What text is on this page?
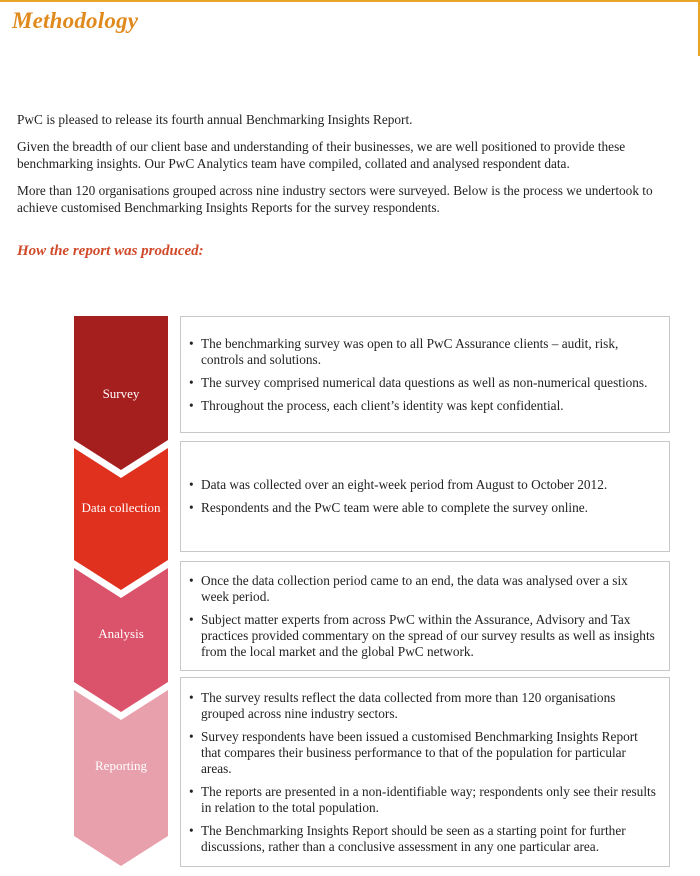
Methodology

PwC is pleased to release its fourth annual Benchmarking Insights Report.

Given the breadth of our client base and understanding of their businesses, we are well positioned to provide these benchmarking insights. Our PwC Analytics team have compiled, collated and analysed respondent data.

More than 120 organisations grouped across nine industry sectors were surveyed. Below is the process we undertook to achieve customised Benchmarking Insights Reports for the survey respondents.

How the report was produced:
Survey
Data collection
Analysis
Reporting
• The benchmarking survey was open to all PwC Assurance clients – audit, risk, controls and solutions.
• The survey comprised numerical data questions as well as non-numerical questions.
• Throughout the process, each client’s identity was kept confidential.
• Data was collected over an eight-week period from August to October 2012.
• Respondents and the PwC team were able to complete the survey online.
• Once the data collection period came to an end, the data was analysed over a six week period.
• Subject matter experts from across PwC within the Assurance, Advisory and Tax practices provided commentary on the spread of our survey results as well as insights from the local market and the global PwC network.
• The survey results reflect the data collected from more than 120 organisations grouped across nine industry sectors.
• Survey respondents have been issued a customised Benchmarking Insights Report that compares their business performance to that of the population for particular areas.
• The reports are presented in a non-identifiable way; respondents only see their results in relation to the total population.
• The Benchmarking Insights Report should be seen as a starting point for further discussions, rather than a conclusive assessment in any one particular area.
